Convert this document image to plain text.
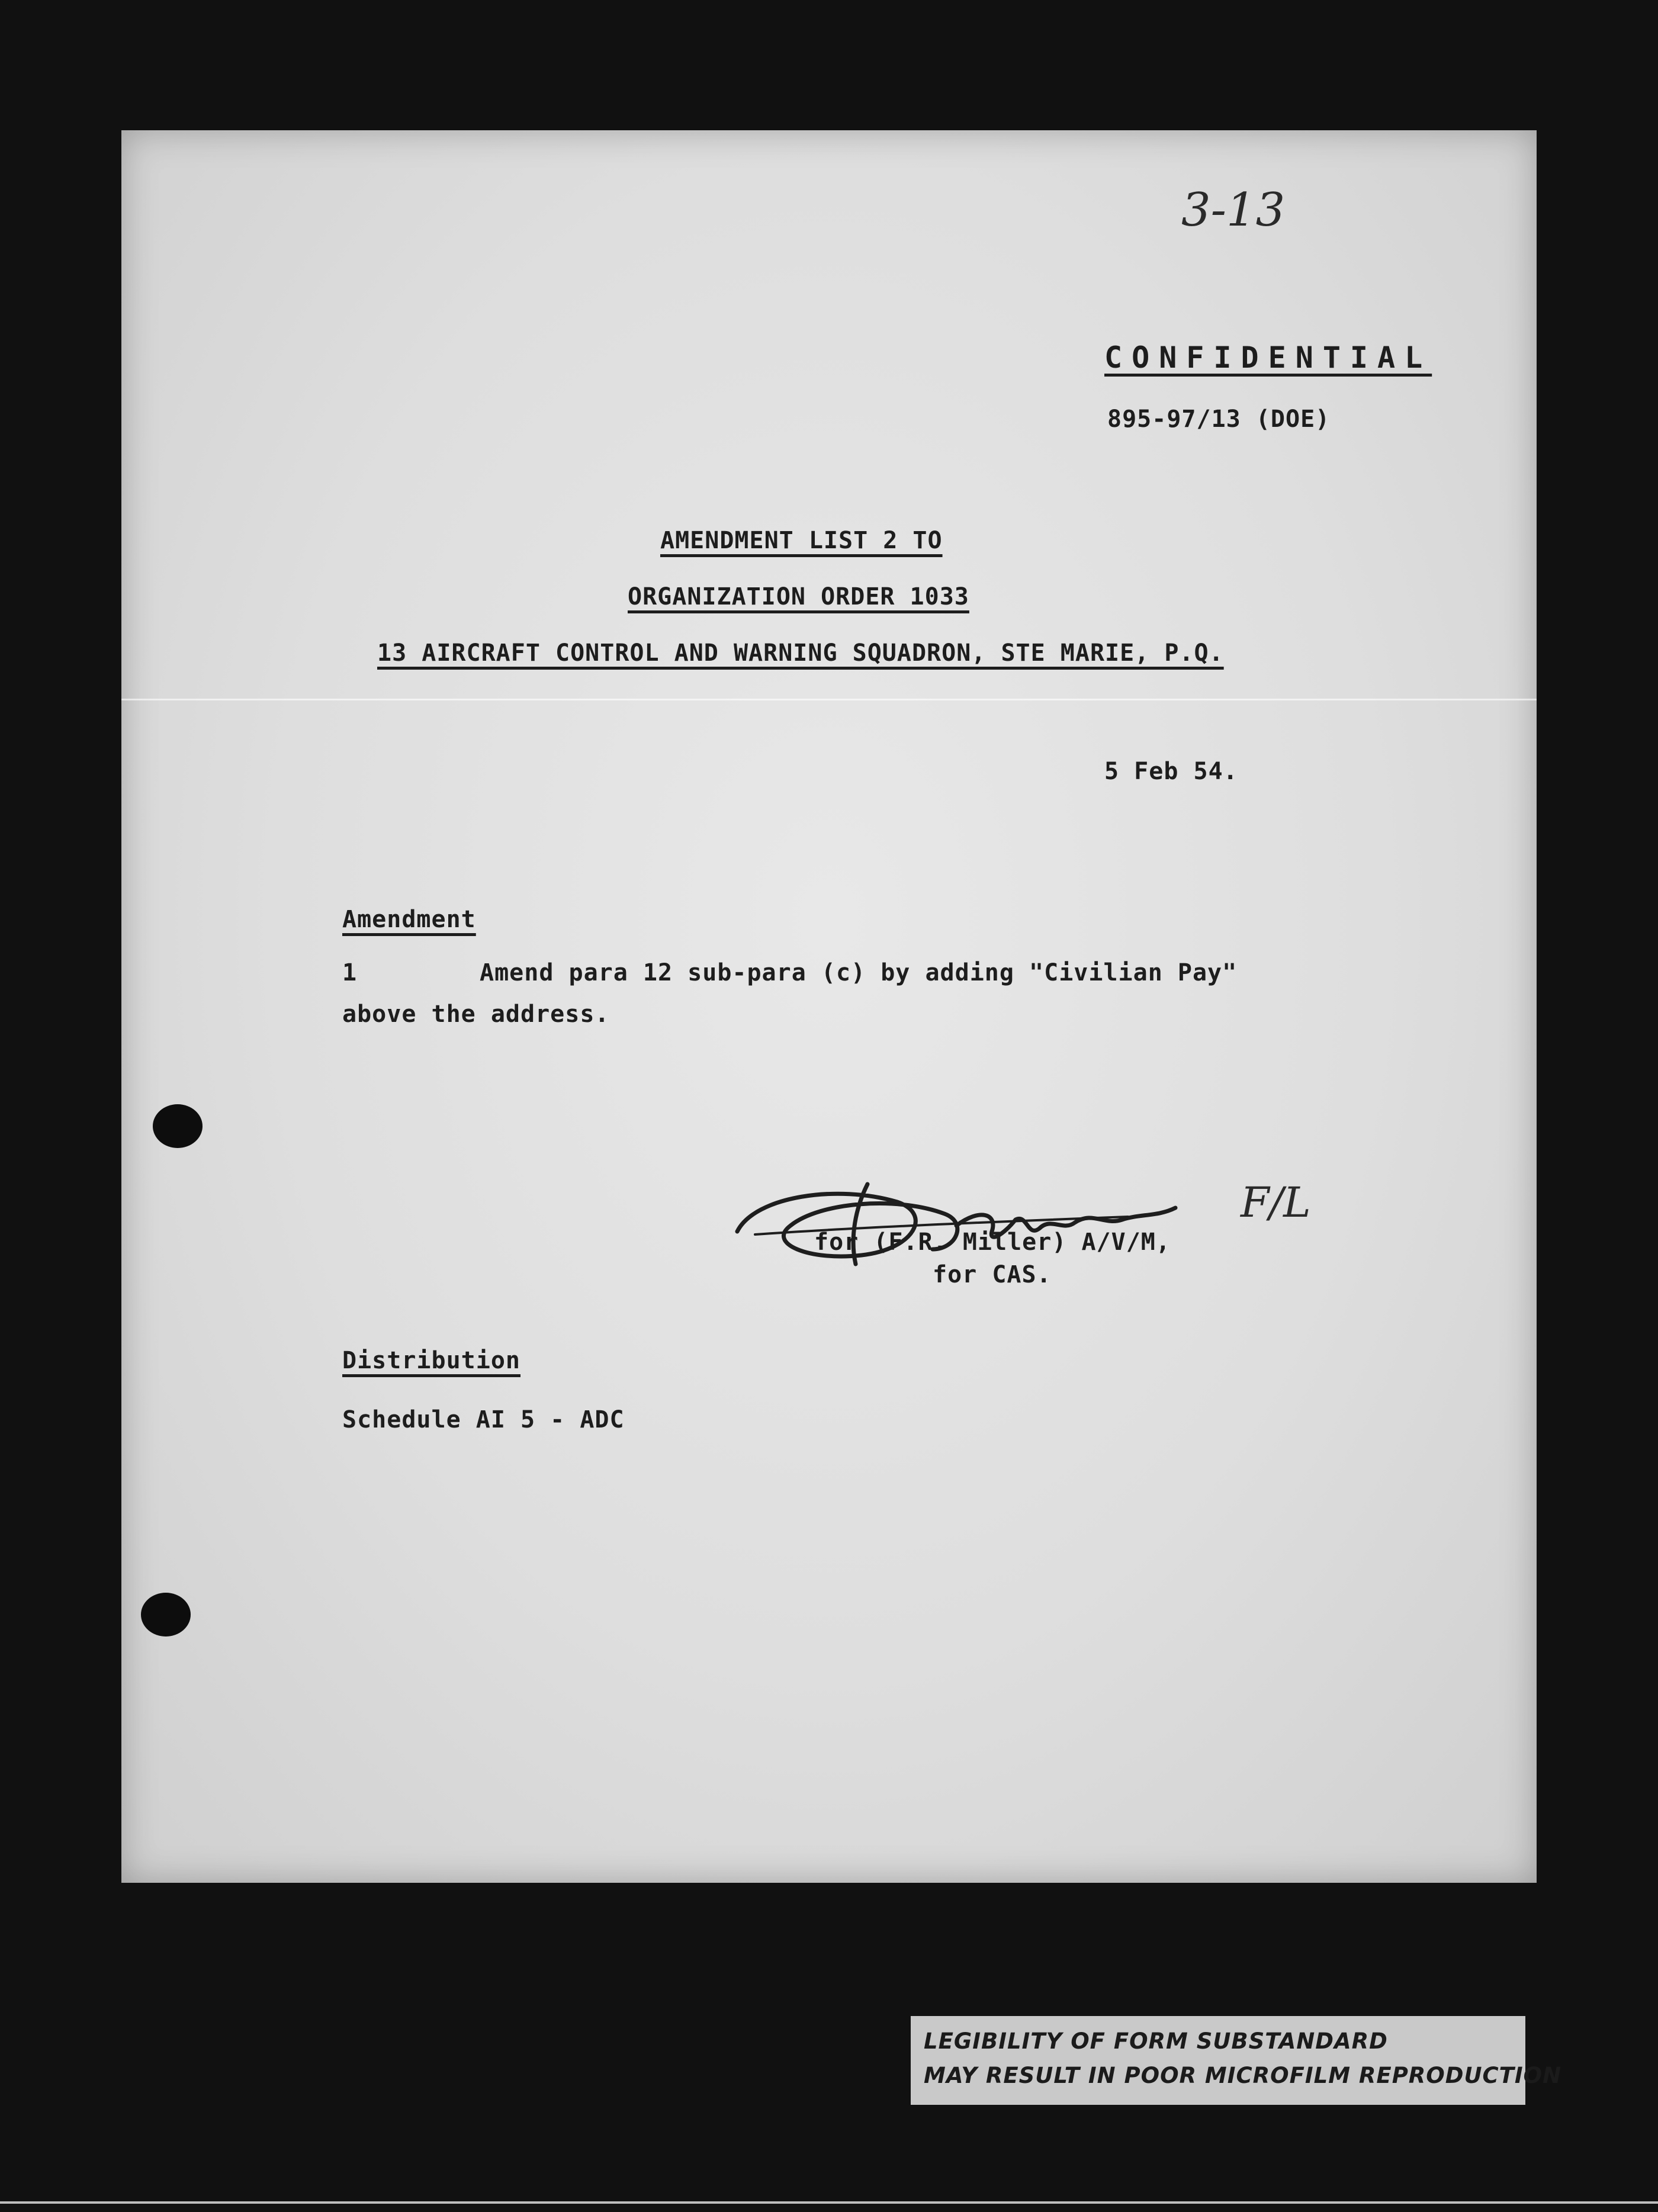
3-13
CONFIDENTIAL
895-97/13 (DOE)
AMENDMENT LIST 2 TO
ORGANIZATION ORDER 1033
13 AIRCRAFT CONTROL AND WARNING SQUADRON, STE MARIE, P.Q.
5 Feb 54.
Amendment
1	Amend para 12 sub-para (c) by adding "Civilian Pay"
above the address.
F/L
for (F.R. Miller) A/V/M,
for CAS.
Distribution
Schedule AI 5 - ADC
LEGIBILITY OF FORM SUBSTANDARD
MAY RESULT IN POOR MICROFILM REPRODUCTION
